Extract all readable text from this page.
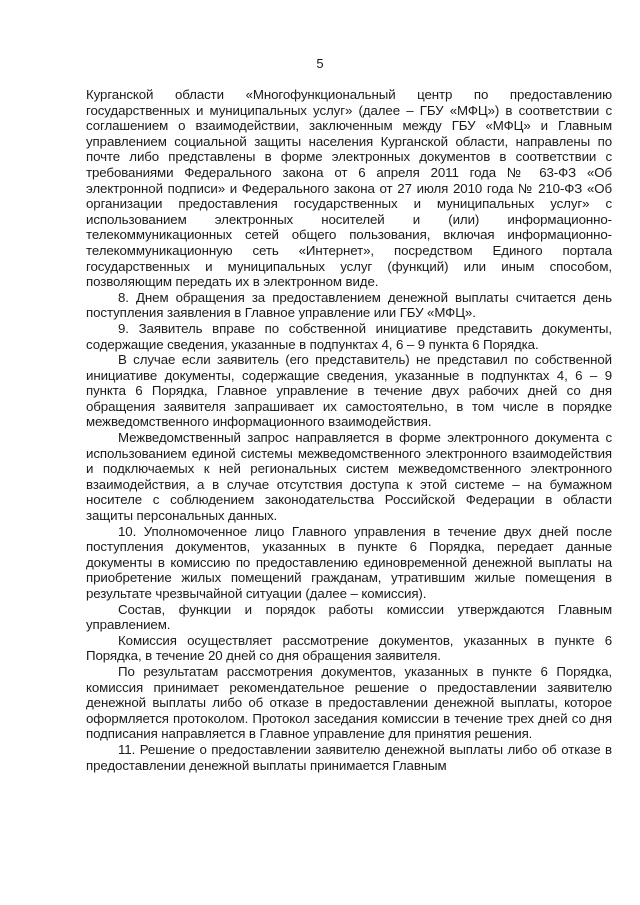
5

Курганской области «Многофункциональный центр по предоставлению государственных и муниципальных услуг» (далее – ГБУ «МФЦ») в соответствии с соглашением о взаимодействии, заключенным между ГБУ «МФЦ» и Главным управлением социальной защиты населения Курганской области, направлены по почте либо представлены в форме электронных документов в соответствии с требованиями Федерального закона от 6 апреля 2011 года № 63-ФЗ «Об электронной подписи» и Федерального закона от 27 июля 2010 года № 210-ФЗ «Об организации предоставления государственных и муниципальных услуг» с использованием электронных носителей и (или) информационно-телекоммуникационных сетей общего пользования, включая информационно-телекоммуникационную сеть «Интернет», посредством Единого портала государственных и муниципальных услуг (функций) или иным способом, позволяющим передать их в электронном виде.

8. Днем обращения за предоставлением денежной выплаты считается день поступления заявления в Главное управление или ГБУ «МФЦ».

9. Заявитель вправе по собственной инициативе представить документы, содержащие сведения, указанные в подпунктах 4, 6 – 9 пункта 6 Порядка.

В случае если заявитель (его представитель) не представил по собственной инициативе документы, содержащие сведения, указанные в подпунктах 4, 6 – 9 пункта 6 Порядка, Главное управление в течение двух рабочих дней со дня обращения заявителя запрашивает их самостоятельно, в том числе в порядке межведомственного информационного взаимодействия.

Межведомственный запрос направляется в форме электронного документа с использованием единой системы межведомственного электронного взаимодействия и подключаемых к ней региональных систем межведомственного электронного взаимодействия, а в случае отсутствия доступа к этой системе – на бумажном носителе с соблюдением законодательства Российской Федерации в области защиты персональных данных.

10. Уполномоченное лицо Главного управления в течение двух дней после поступления документов, указанных в пункте 6 Порядка, передает данные документы в комиссию по предоставлению единовременной денежной выплаты на приобретение жилых помещений гражданам, утратившим жилые помещения в результате чрезвычайной ситуации (далее – комиссия).

Состав, функции и порядок работы комиссии утверждаются Главным управлением.

Комиссия осуществляет рассмотрение документов, указанных в пункте 6 Порядка, в течение 20 дней со дня обращения заявителя.

По результатам рассмотрения документов, указанных в пункте 6 Порядка, комиссия принимает рекомендательное решение о предоставлении заявителю денежной выплаты либо об отказе в предоставлении денежной выплаты, которое оформляется протоколом. Протокол заседания комиссии в течение трех дней со дня подписания направляется в Главное управление для принятия решения.

11. Решение о предоставлении заявителю денежной выплаты либо об отказе в предоставлении денежной выплаты принимается Главным
